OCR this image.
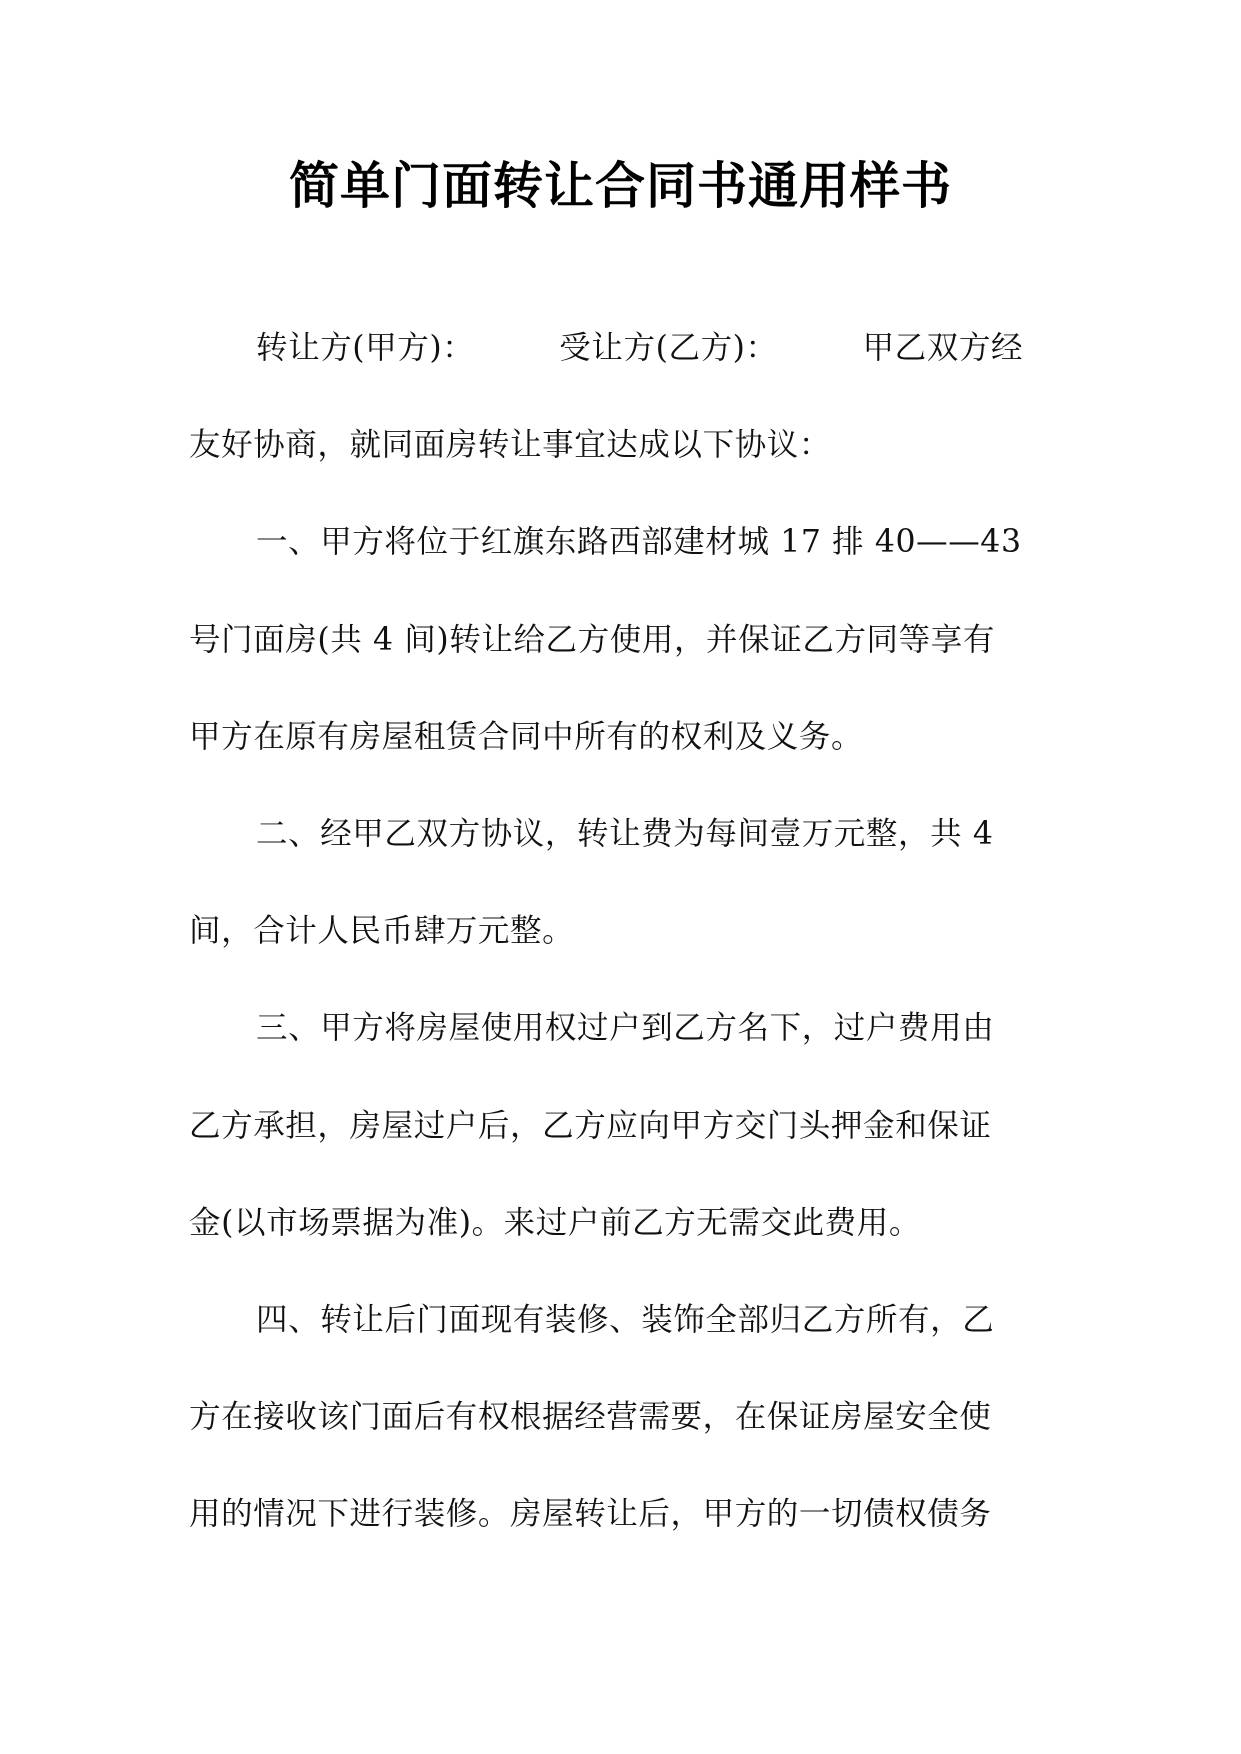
简单门面转让合同书通用样书
转让方(甲方)：        受让方(乙方)：        甲乙双方经
友好协商，就同面房转让事宜达成以下协议：
一、甲方将位于红旗东路西部建材城 17 排 40——43
号门面房(共 4 间)转让给乙方使用，并保证乙方同等享有
甲方在原有房屋租赁合同中所有的权利及义务。
二、经甲乙双方协议，转让费为每间壹万元整，共 4
间，合计人民币肆万元整。
三、甲方将房屋使用权过户到乙方名下，过户费用由
乙方承担，房屋过户后，乙方应向甲方交门头押金和保证
金(以市场票据为准)。来过户前乙方无需交此费用。
四、转让后门面现有装修、装饰全部归乙方所有，乙
方在接收该门面后有权根据经营需要，在保证房屋安全使
用的情况下进行装修。房屋转让后，甲方的一切债权债务
